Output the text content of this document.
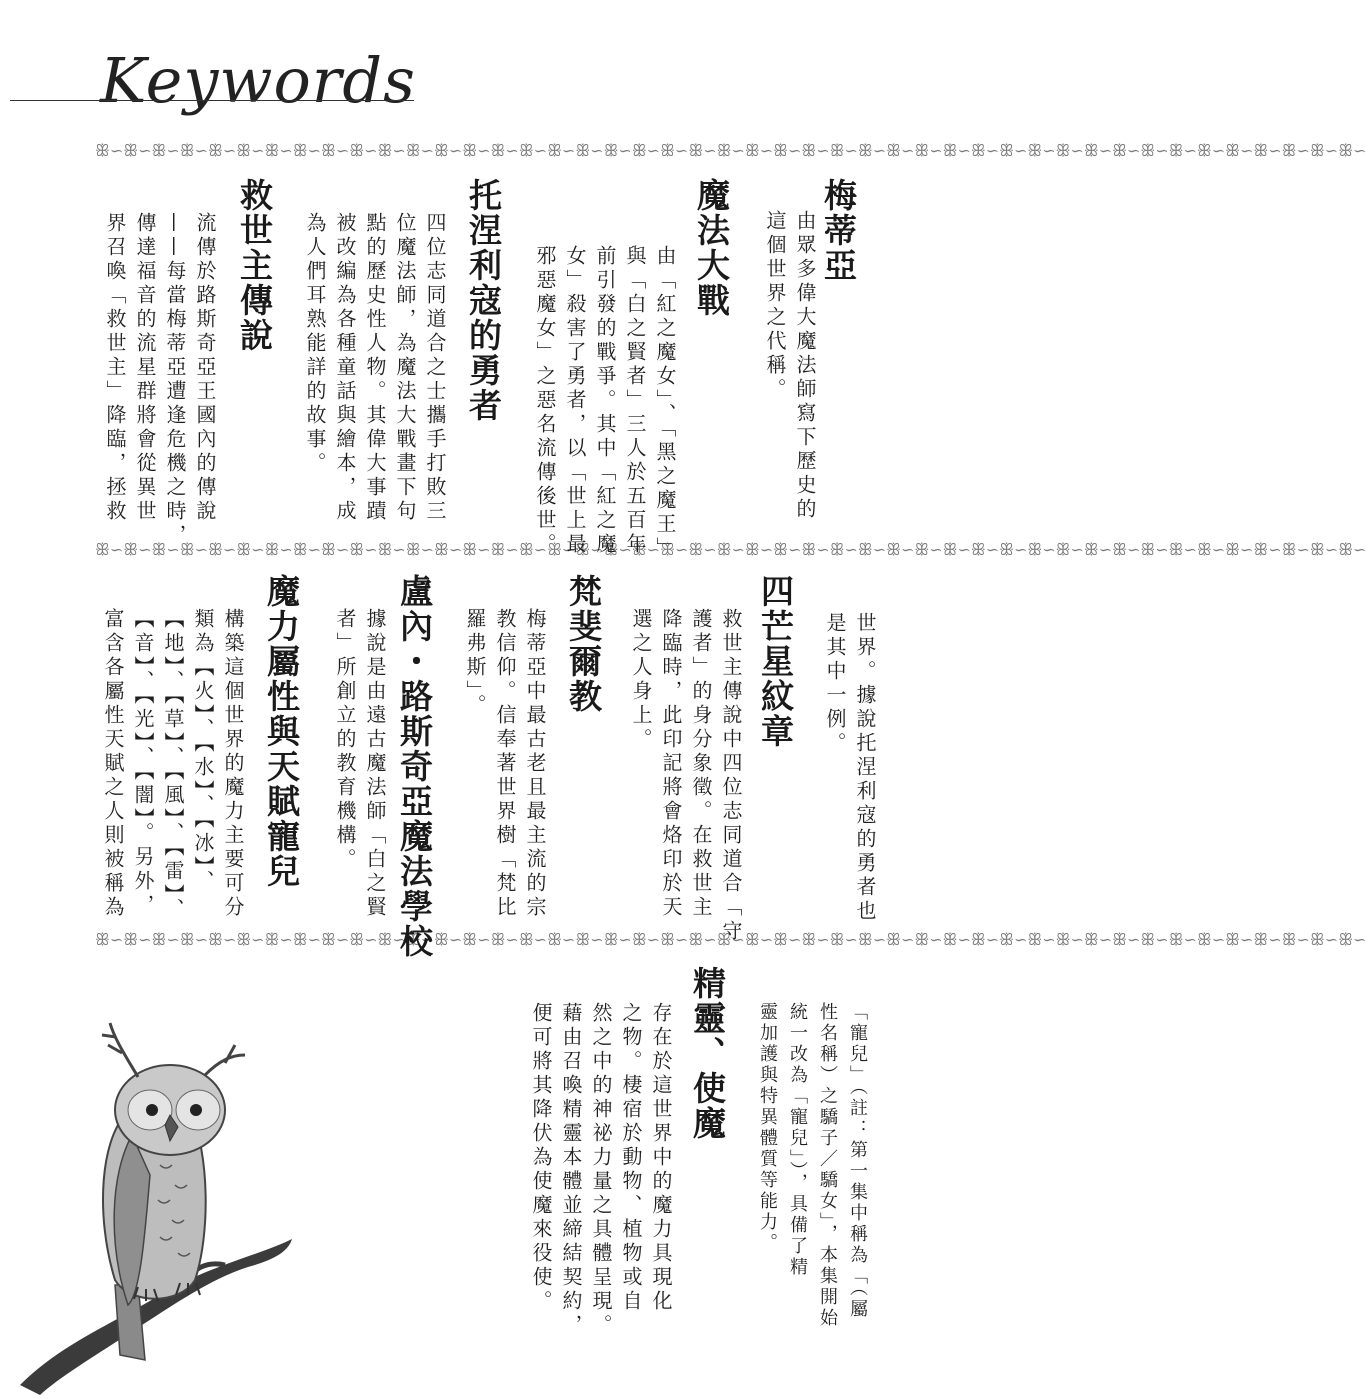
Keywords
ꕥ∽ꕥ∽ꕥ∽ꕥ∽ꕥ∽ꕥ∽ꕥ∽ꕥ∽ꕥ∽ꕥ∽ꕥ∽ꕥ∽ꕥ∽ꕥ∽ꕥ∽ꕥ∽ꕥ∽ꕥ∽ꕥ∽ꕥ∽ꕥ∽ꕥ∽ꕥ∽ꕥ∽ꕥ∽ꕥ∽ꕥ∽ꕥ∽ꕥ∽ꕥ∽ꕥ∽ꕥ∽ꕥ∽ꕥ∽ꕥ∽ꕥ∽ꕥ∽ꕥ∽ꕥ∽ꕥ∽ꕥ∽ꕥ∽ꕥ∽ꕥ∽ꕥ∽
ꕥ∽ꕥ∽ꕥ∽ꕥ∽ꕥ∽ꕥ∽ꕥ∽ꕥ∽ꕥ∽ꕥ∽ꕥ∽ꕥ∽ꕥ∽ꕥ∽ꕥ∽ꕥ∽ꕥ∽ꕥ∽ꕥ∽ꕥ∽ꕥ∽ꕥ∽ꕥ∽ꕥ∽ꕥ∽ꕥ∽ꕥ∽ꕥ∽ꕥ∽ꕥ∽ꕥ∽ꕥ∽ꕥ∽ꕥ∽ꕥ∽ꕥ∽ꕥ∽ꕥ∽ꕥ∽ꕥ∽ꕥ∽ꕥ∽ꕥ∽ꕥ∽ꕥ∽
ꕥ∽ꕥ∽ꕥ∽ꕥ∽ꕥ∽ꕥ∽ꕥ∽ꕥ∽ꕥ∽ꕥ∽ꕥ∽ꕥ∽ꕥ∽ꕥ∽ꕥ∽ꕥ∽ꕥ∽ꕥ∽ꕥ∽ꕥ∽ꕥ∽ꕥ∽ꕥ∽ꕥ∽ꕥ∽ꕥ∽ꕥ∽ꕥ∽ꕥ∽ꕥ∽ꕥ∽ꕥ∽ꕥ∽ꕥ∽ꕥ∽ꕥ∽ꕥ∽ꕥ∽ꕥ∽ꕥ∽ꕥ∽ꕥ∽ꕥ∽ꕥ∽ꕥ∽
梅蒂亞

由眾多偉大魔法師寫下歷史的

這個世界之代稱。

魔法大戰

由「紅之魔女」、「黑之魔王」

與「白之賢者」三人於五百年

前引發的戰爭。其中「紅之魔

女」殺害了勇者，以「世上最

邪惡魔女」之惡名流傳後世。

托涅利寇的勇者

四位志同道合之士攜手打敗三

位魔法師，為魔法大戰畫下句

點的歷史性人物。其偉大事蹟

被改編為各種童話與繪本，成

為人們耳熟能詳的故事。

救世主傳說

流傳於路斯奇亞王國內的傳說

——每當梅蒂亞遭逢危機之時，

傳達福音的流星群將會從異世

界召喚「救世主」降臨，拯救

世界。據說托涅利寇的勇者也

是其中一例。

四芒星紋章

救世主傳說中四位志同道合「守

護者」的身分象徵。在救世主

降臨時，此印記將會烙印於天

選之人身上。

梵斐爾教

梅蒂亞中最古老且最主流的宗

教信仰。信奉著世界樹「梵比

羅弗斯」。

盧內・路斯奇亞魔法學校

據說是由遠古魔法師「白之賢

者」所創立的教育機構。

魔力屬性與天賦寵兒

構築這個世界的魔力主要可分

類為【火】、【水】、【冰】、

【地】、【草】、【風】、【雷】、

【音】、【光】、【闇】。另外，

富含各屬性天賦之人則被稱為

「寵兒」（註：第一集中稱為「（屬

性名稱）之驕子／驕女」，本集開始

統一改為「寵兒」），具備了精

靈加護與特異體質等能力。

精靈、使魔

存在於這世界中的魔力具現化

之物。棲宿於動物、植物或自

然之中的神祕力量之具體呈現。

藉由召喚精靈本體並締結契約，

便可將其降伏為使魔來役使。
